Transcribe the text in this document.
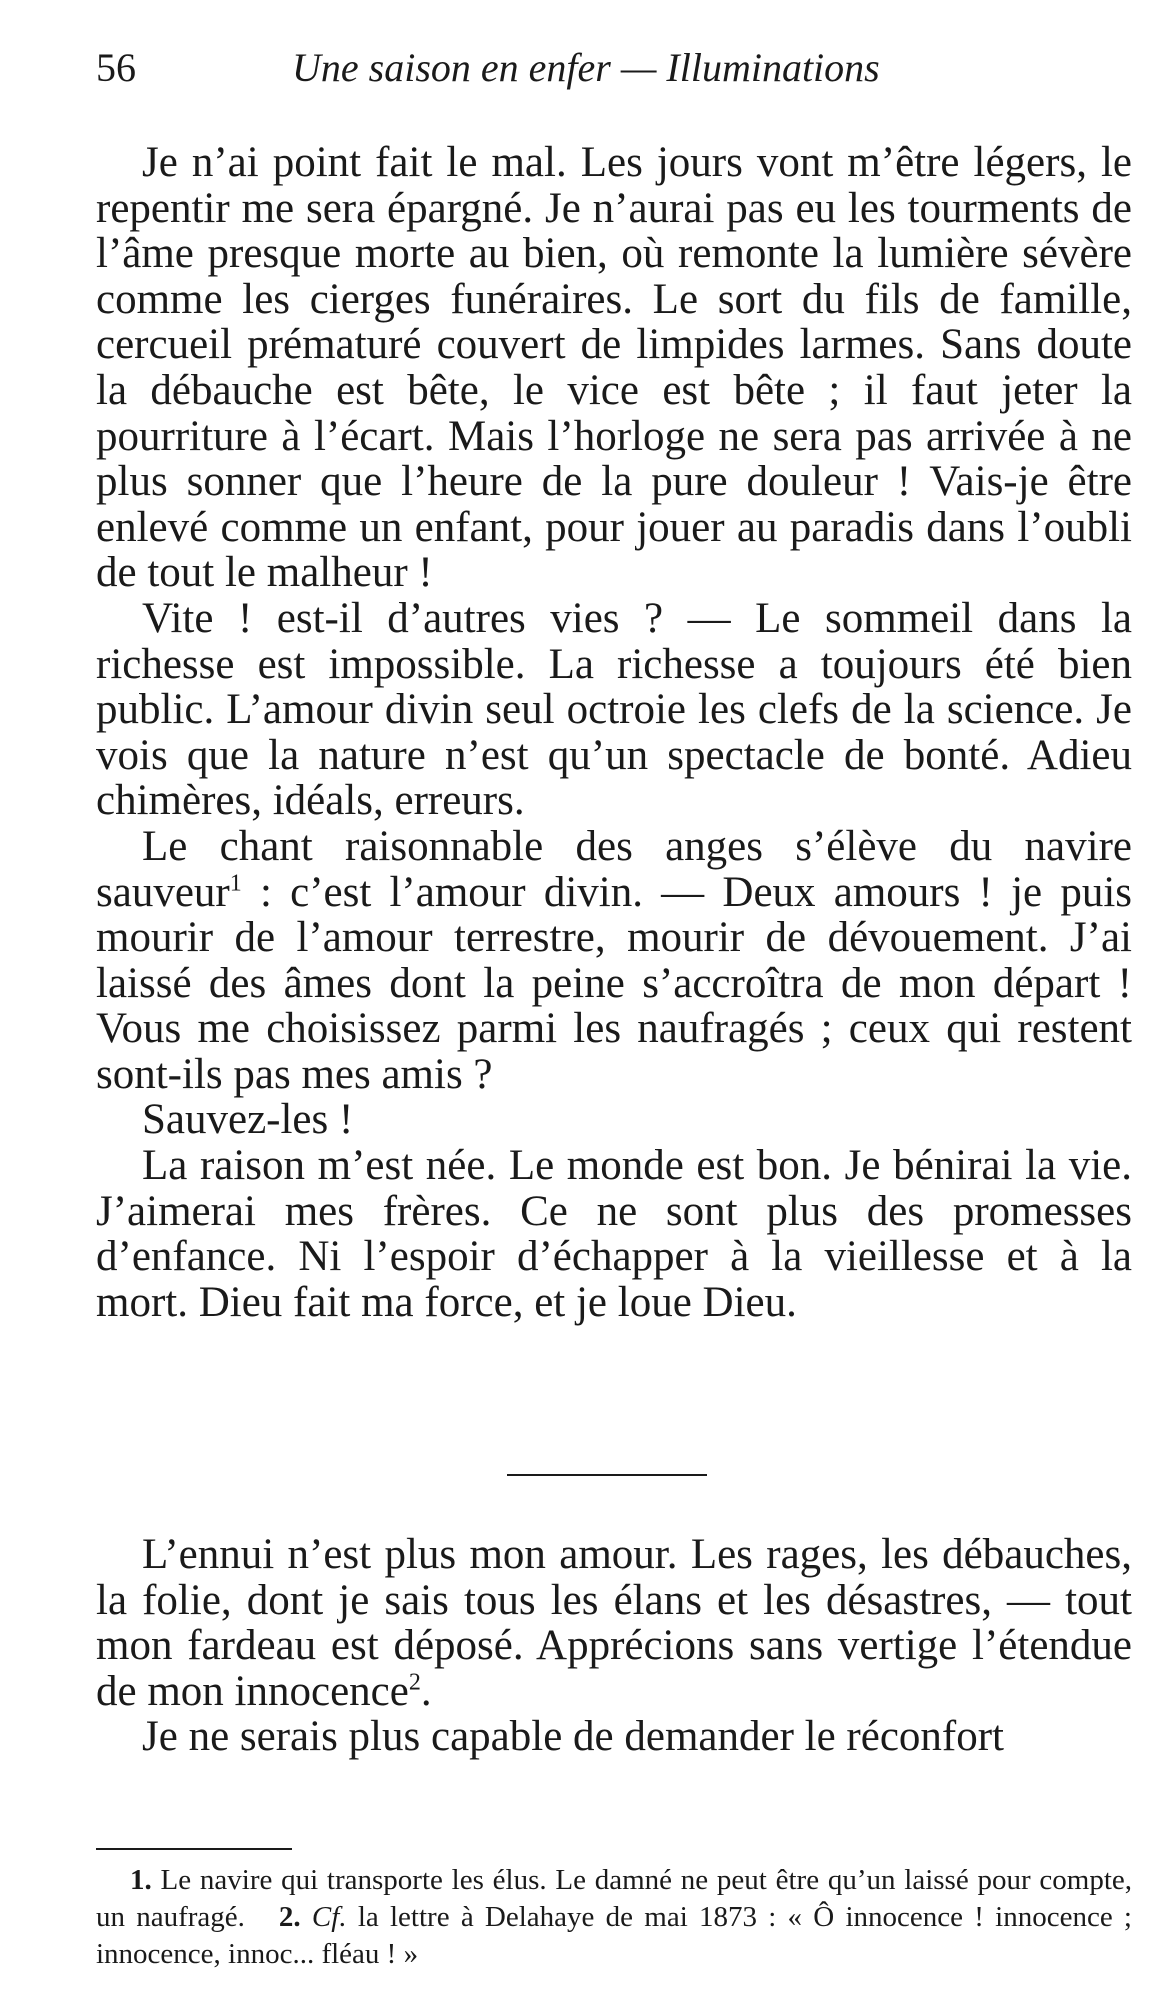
56	Une saison en enfer — Illuminations

Je n’ai point fait le mal. Les jours vont m’être légers, le repentir me sera épargné. Je n’aurai pas eu les tourments de l’âme presque morte au bien, où remonte la lumière sévère comme les cierges funéraires. Le sort du fils de famille, cercueil prématuré couvert de limpides larmes. Sans doute la débauche est bête, le vice est bête ; il faut jeter la pourriture à l’écart. Mais l’horloge ne sera pas arrivée à ne plus sonner que l’heure de la pure douleur ! Vais-je être enlevé comme un enfant, pour jouer au paradis dans l’oubli de tout le malheur !

Vite ! est-il d’autres vies ? — Le sommeil dans la richesse est impossible. La richesse a toujours été bien public. L’amour divin seul octroie les clefs de la science. Je vois que la nature n’est qu’un spectacle de bonté. Adieu chimères, idéals, erreurs.

Le chant raisonnable des anges s’élève du navire sauveur$^1$ : c’est l’amour divin. — Deux amours ! je puis mourir de l’amour terrestre, mourir de dévouement. J’ai laissé des âmes dont la peine s’accroîtra de mon départ ! Vous me choisissez parmi les naufragés ; ceux qui restent sont-ils pas mes amis ?

Sauvez-les !

La raison m’est née. Le monde est bon. Je bénirai la vie. J’aimerai mes frères. Ce ne sont plus des promesses d’enfance. Ni l’espoir d’échapper à la vieillesse et à la mort. Dieu fait ma force, et je loue Dieu.

L’ennui n’est plus mon amour. Les rages, les débauches, la folie, dont je sais tous les élans et les désastres, — tout mon fardeau est déposé. Apprécions sans vertige l’étendue de mon innocence$^2$.

Je ne serais plus capable de demander le réconfort

1. Le navire qui transporte les élus. Le damné ne peut être qu’un laissé pour compte, un naufragé. 2. Cf. la lettre à Delahaye de mai 1873 : « Ô innocence ! innocence ; innocence, innoc... fléau ! »
